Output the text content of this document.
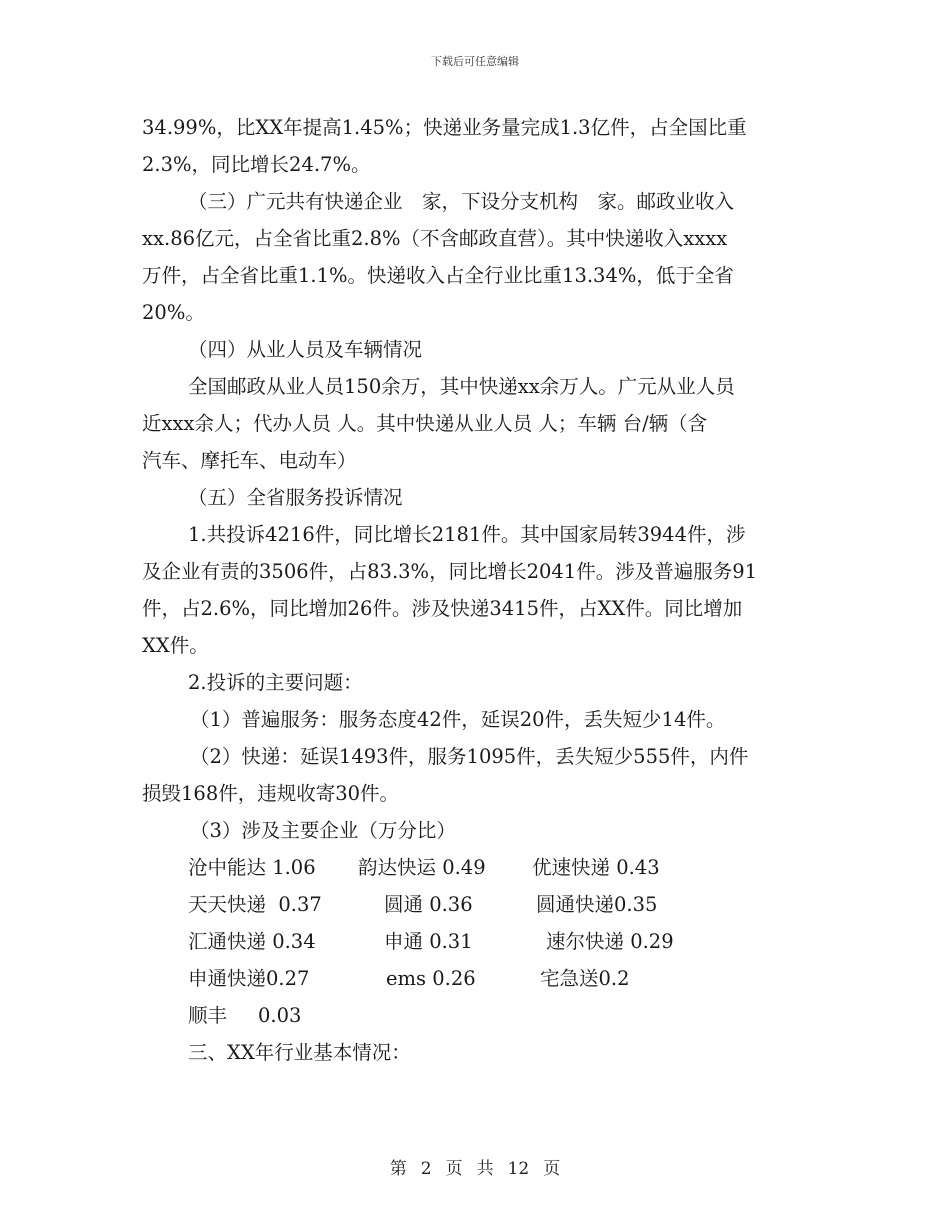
下载后可任意编辑
34.99%，比XX年提高1.45%；快递业务量完成1.3亿件，占全国比重
2.3%，同比增长24.7%。
（三）广元共有快递企业　家，下设分支机构　家。邮政业收入
xx.86亿元，占全省比重2.8%（不含邮政直营）。其中快递收入xxxx
万件，占全省比重1.1%。快递收入占全行业比重13.34%，低于全省
20%。
（四）从业人员及车辆情况
全国邮政从业人员150余万，其中快递xx余万人。广元从业人员
近xxx余人；代办人员 人。其中快递从业人员 人；车辆 台/辆（含
汽车、摩托车、电动车）
（五）全省服务投诉情况
1.共投诉4216件，同比增长2181件。其中国家局转3944件，涉
及企业有责的3506件，占83.3%，同比增长2041件。涉及普遍服务91
件，占2.6%，同比增加26件。涉及快递3415件，占XX件。同比增加
XX件。
2.投诉的主要问题：
（1）普遍服务：服务态度42件，延误20件，丢失短少14件。
（2）快递：延误1493件，服务1095件，丢失短少555件，内件
损毁168件，违规收寄30件。
（3）涉及主要企业（万分比）
沧中能达 1.06 韵达快运 0.49 优速快递 0.43
天天快递  0.37	圆通 0.36	圆通快递0.35
汇通快递 0.34	申通 0.31	速尔快递 0.29
申通快递0.27	ems 0.26	宅急送0.2
顺丰     0.03
三、XX年行业基本情况：
第 2 页 共 12 页
